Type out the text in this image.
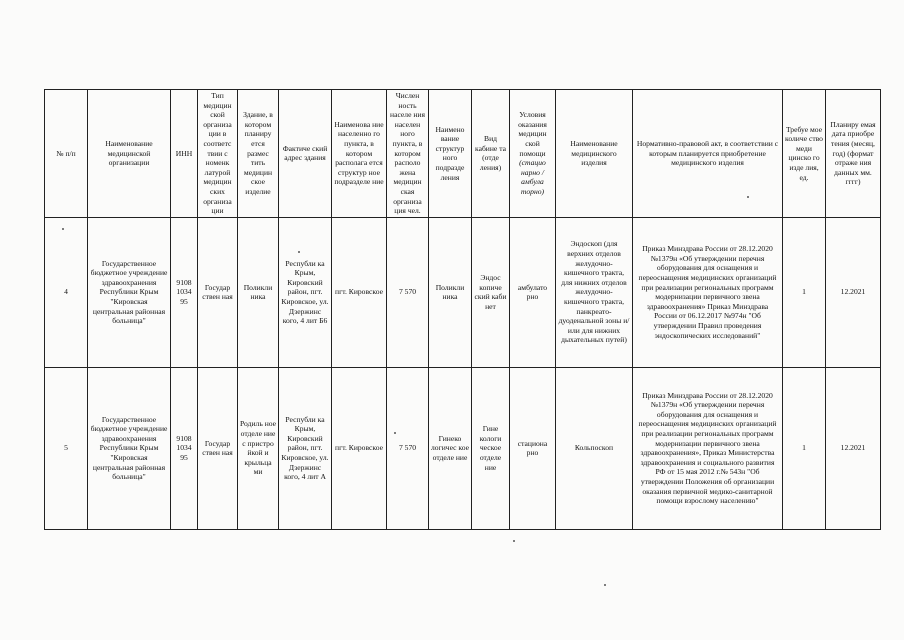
№ п/п	Наименование медицинской организации	ИНН	Тип медицин ской организа ции в соответс твии с номенк латурой медицин ских организа ции	Здание, в котором планиру ется размес тить медицин ское изделие	Фактиче ский адрес здания	Наименова ние населенно го пункта, в котором располага ется структур ное подразделе ние	Числен ность населе ния населен ного пункта, в котором располо жена медицин ская организа ция чел.	Наимено вание структур ного подразде ления	Вид кабине та (отде ления)	Условия оказания медицин ской помощи (стацио нарно / амбула торно)	Наименование медицинского изделия	Нормативно-правовой акт, в соответствии с которым планируется приобретение медицинского изделия	Требуе мое количе ство меди цинско го изде лия, ед.	Планиру емая дата приобре тения (месяц, год) (формат отраже ния данных мм. гггг)
4	Государственное бюджетное учреждение здравоохранения Республики Крым "Кировская центральная районная больница"	9108 1034 95	Государ ствен ная	Поликли ника	Республи ка Крым, Кировский район, пгт. Кировское, ул. Дзержинс кого, 4 лит Б6	пгт. Кировское	7 570	Поликли ника	Эндос копиче ский каби нет	амбулато рно	Эндоскоп (для верхних отделов желудочно-кишечного тракта, для нижних отделов желудочно-кишечного тракта, панкреато-дуоденальной зоны и/или для нижних дыхательных путей)	Приказ Минздрава России от 28.12.2020 №1379н «Об утверждении перечня оборудования для оснащения и переоснащения медицинских организаций при реализации региональных программ модернизации первичного звена здравоохранения» Приказ Минздрава России от 06.12.2017 №974н "Об утверждении Правил проведения эндоскопических исследований"	1	12.2021
5	Государственное бюджетное учреждение здравоохранения Республики Крым "Кировская центральная районная больница"	9108 1034 95	Государ ствен ная	Родиль ное отделе ние с пристро йкой и крыльца ми	Республи ка Крым, Кировский район, пгт. Кировское, ул. Дзержинс кого, 4 лит А	пгт. Кировское	7 570	Гинеко логичес кое отделе ние	Гине кологи ческое отделе ние	стациона рно	Кольпоскоп	Приказ Минздрава России от 28.12.2020 №1379н «Об утверждении перечня оборудования для оснащения и переоснащения медицинских организаций при реализации региональных программ модернизации первичного звена здравоохранения», Приказ Министерства здравоохранения и социального развития РФ от 15 мая 2012 г.№ 543н "Об утверждении Положения об организации оказания первичной медико-санитарной помощи взрослому населению"	1	12.2021
